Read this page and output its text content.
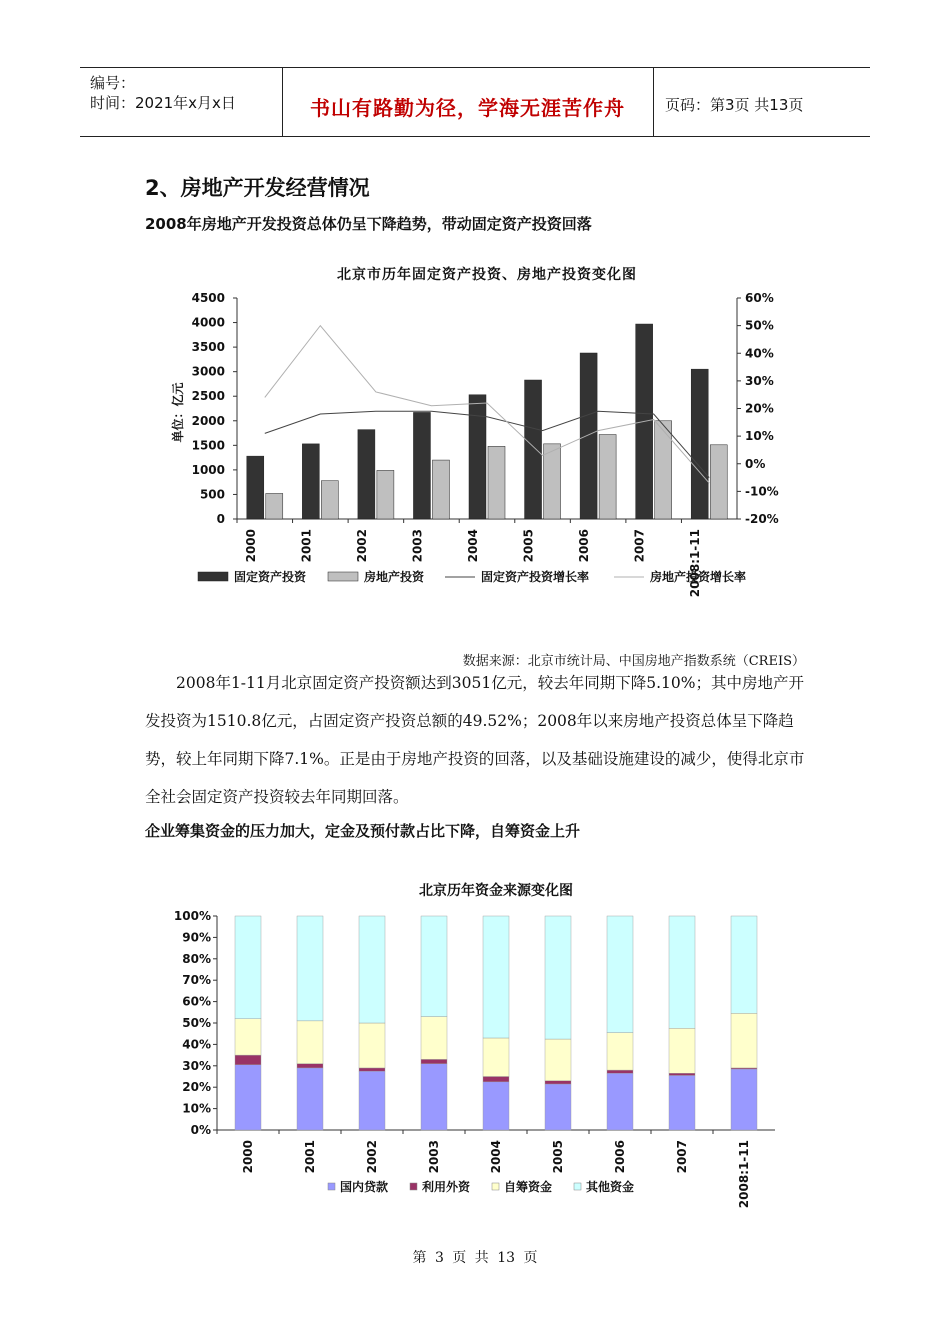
编号：
时间：2021年x月x日	书山有路勤为径，学海无涯苦作舟	页码：第3页 共13页
2、房地产开发经营情况
2008年房地产开发投资总体仍呈下降趋势，带动固定资产投资回落
北京市历年固定资产投资、房地产投资变化图
单位：亿元
0
500
1000
1500
2000
2500
3000
3500
4000
4500
-20%
-10%
0%
10%
20%
30%
40%
50%
60%
2000	2001	2002	2003	2004	2005	2006	2007	2008:1-11
固定资产投资	房地产投资	固定资产投资增长率	房地产投资增长率
数据来源：北京市统计局、中国房地产指数系统（CREIS）

2008年1-11月北京固定资产投资额达到3051亿元，较去年同期下降5.10%；其中房地产开发投资为1510.8亿元，占固定资产投资总额的49.52%；2008年以来房地产投资总体呈下降趋势，较上年同期下降7.1%。正是由于房地产投资的回落，以及基础设施建设的减少，使得北京市全社会固定资产投资较去年同期回落。

企业筹集资金的压力加大，定金及预付款占比下降，自筹资金上升
北京历年资金来源变化图
0%
10%
20%
30%
40%
50%
60%
70%
80%
90%
100%
2000	2001	2002	2003	2004	2005	2006	2007	2008:1-11
国内贷款	利用外资	自筹资金	其他资金
第 3 页 共 13 页
